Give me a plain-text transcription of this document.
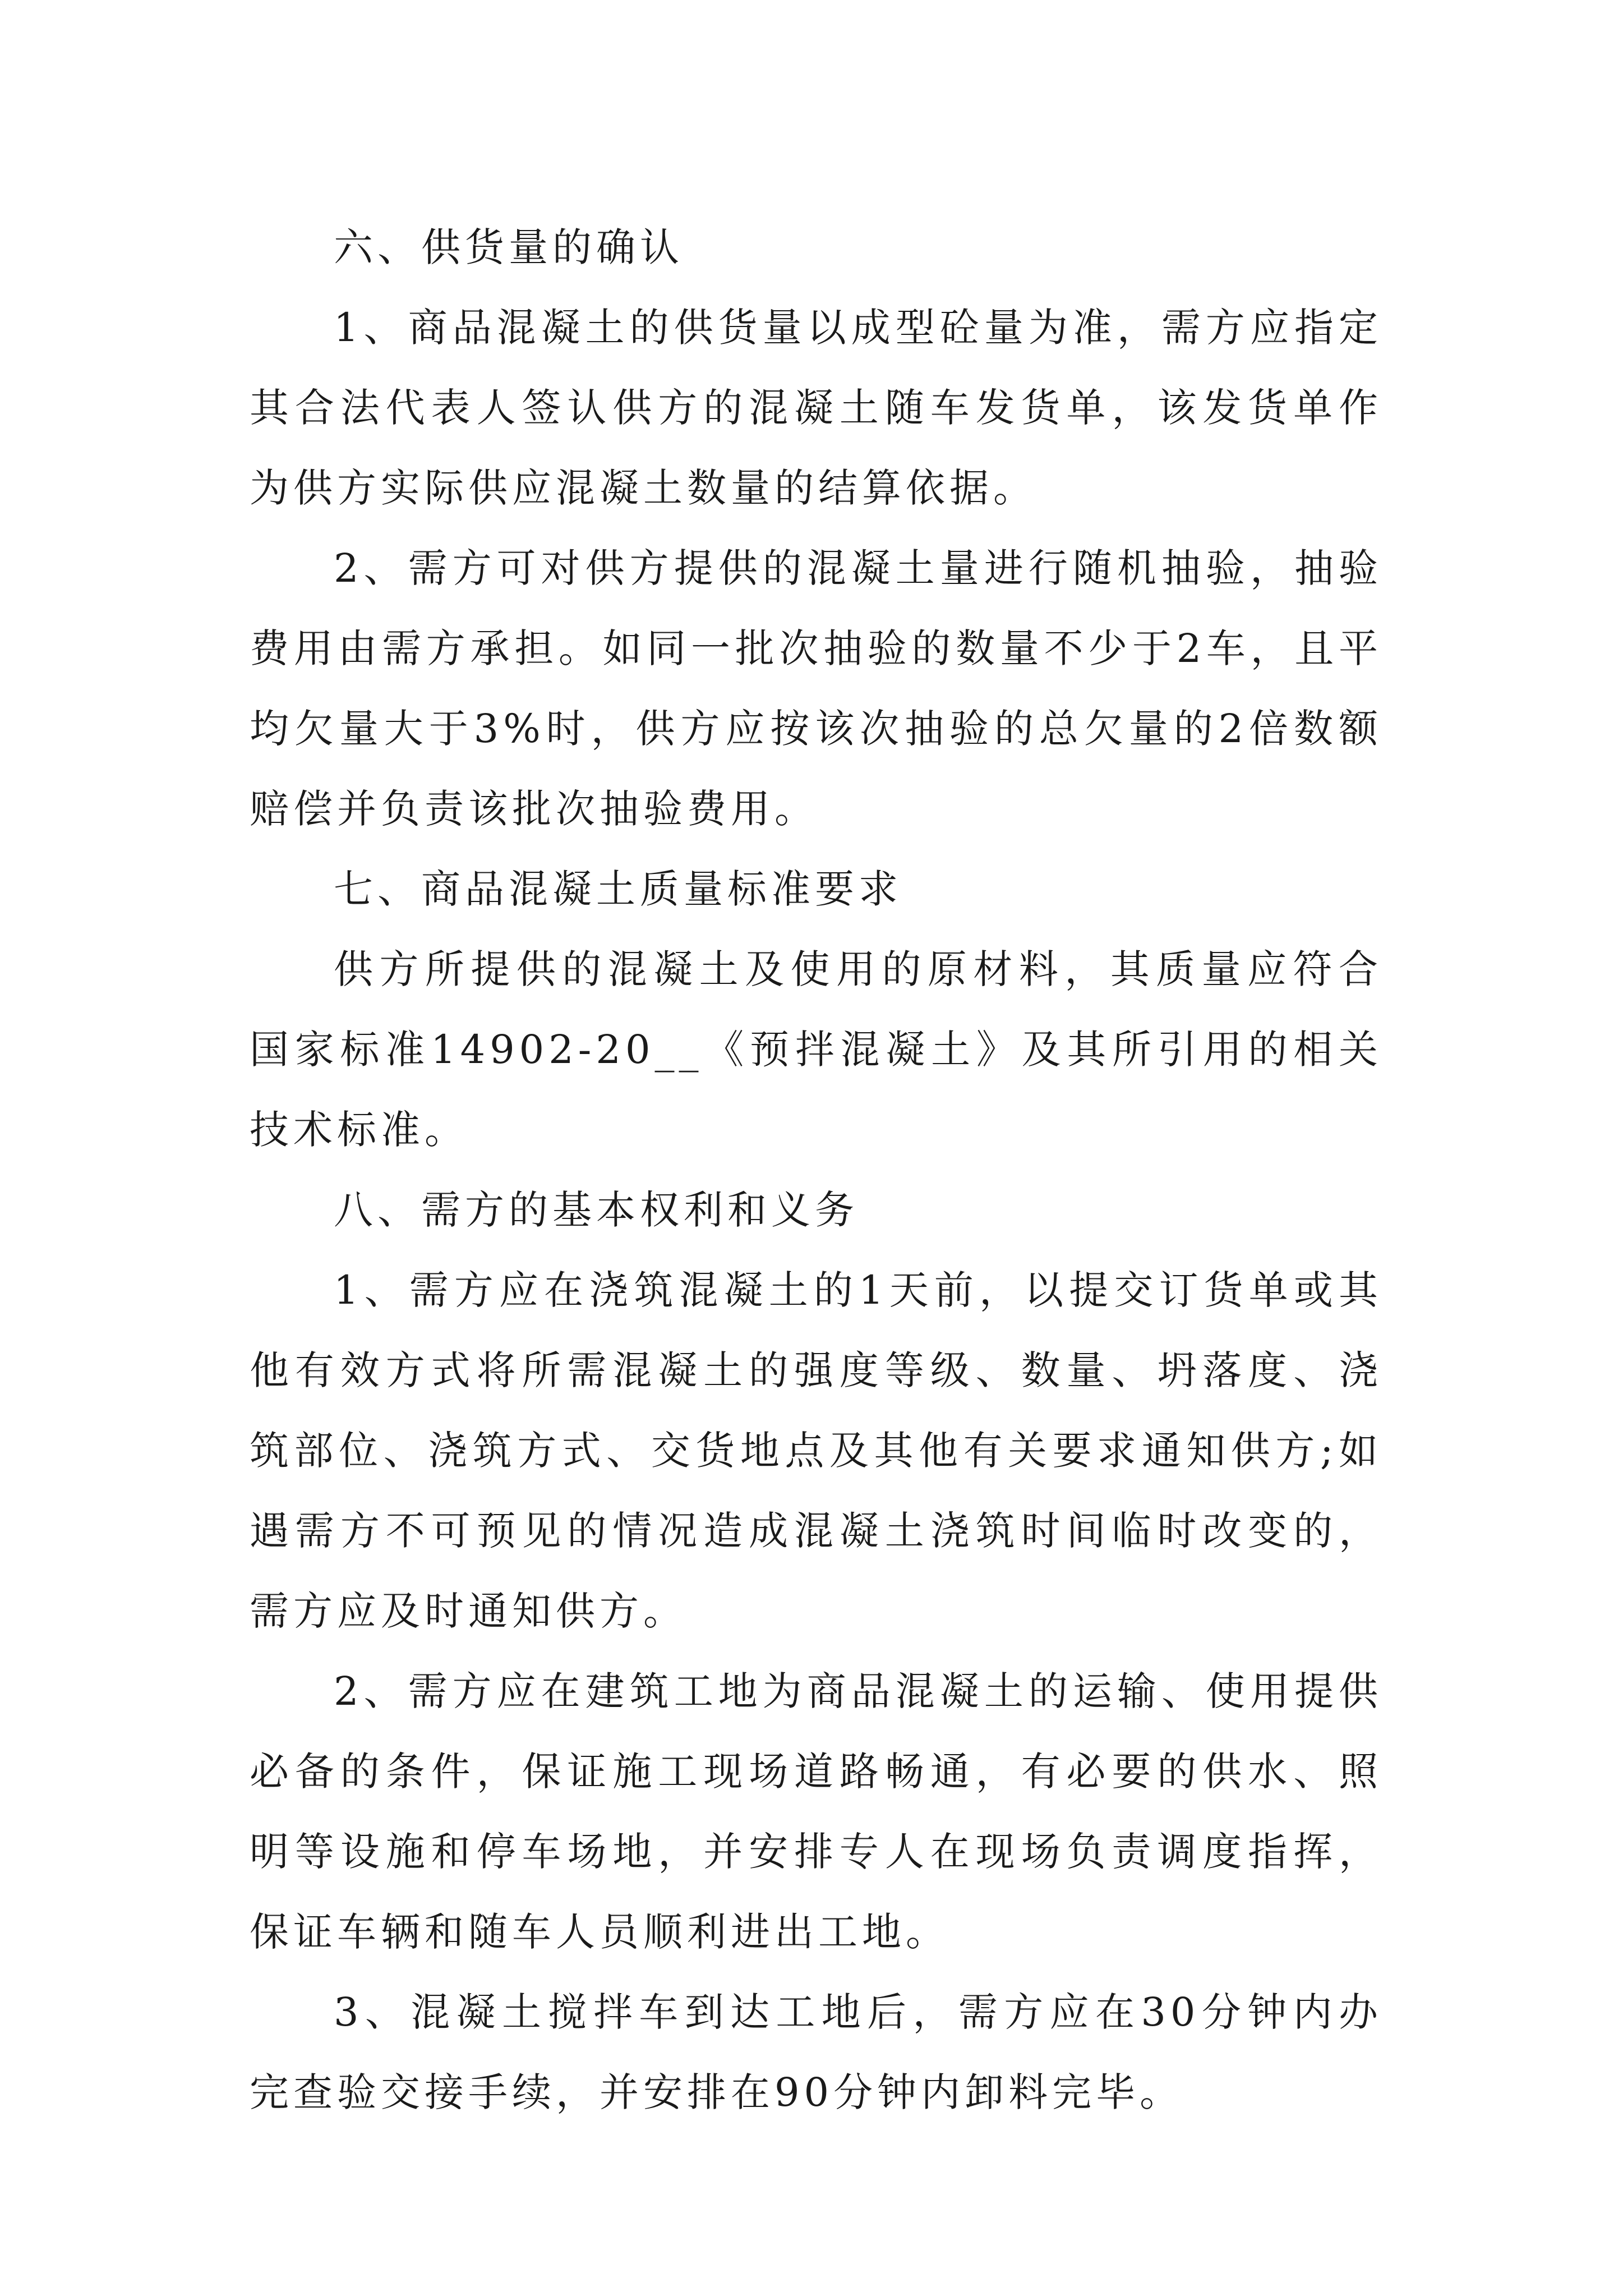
六、供货量的确认

1、商品混凝土的供货量以成型砼量为准，需方应指定其合法代表人签认供方的混凝土随车发货单，该发货单作为供方实际供应混凝土数量的结算依据。

2、需方可对供方提供的混凝土量进行随机抽验，抽验费用由需方承担。如同一批次抽验的数量不少于2车，且平均欠量大于3%时，供方应按该次抽验的总欠量的2倍数额赔偿并负责该批次抽验费用。

七、商品混凝土质量标准要求

供方所提供的混凝土及使用的原材料，其质量应符合国家标准14902-20__《预拌混凝土》及其所引用的相关技术标准。

八、需方的基本权利和义务

1、需方应在浇筑混凝土的1天前，以提交订货单或其他有效方式将所需混凝土的强度等级、数量、坍落度、浇筑部位、浇筑方式、交货地点及其他有关要求通知供方;如遇需方不可预见的情况造成混凝土浇筑时间临时改变的，需方应及时通知供方。

2、需方应在建筑工地为商品混凝土的运输、使用提供必备的条件，保证施工现场道路畅通，有必要的供水、照明等设施和停车场地，并安排专人在现场负责调度指挥，保证车辆和随车人员顺利进出工地。

3、混凝土搅拌车到达工地后，需方应在30分钟内办完查验交接手续，并安排在90分钟内卸料完毕。
